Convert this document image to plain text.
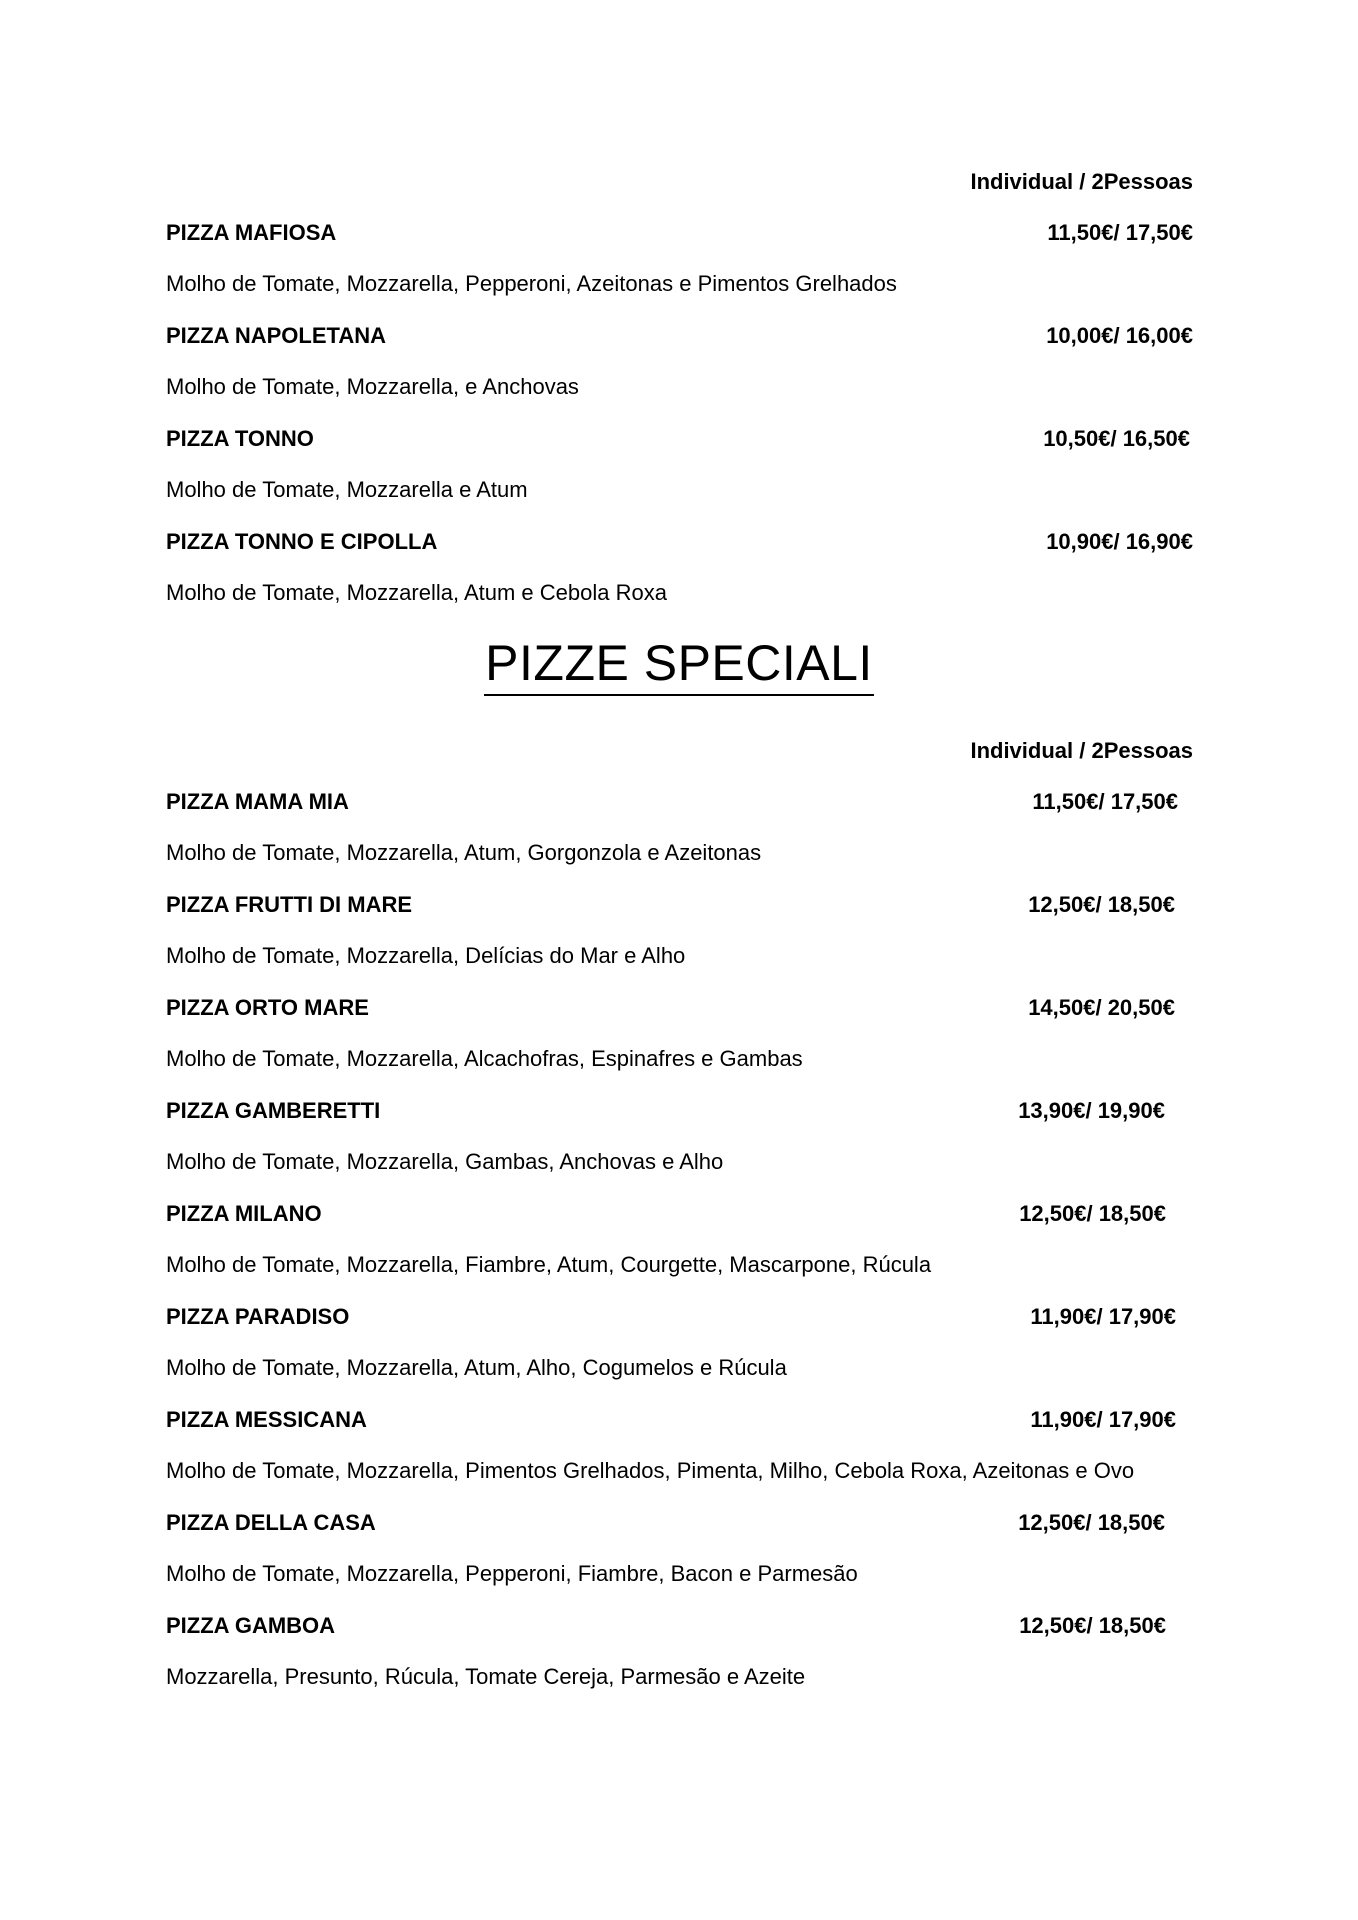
Individual / 2Pessoas
PIZZA MAFIOSA	11,50€/ 17,50€
Molho de Tomate, Mozzarella, Pepperoni, Azeitonas e Pimentos Grelhados
PIZZA NAPOLETANA	10,00€/ 16,00€
Molho de Tomate, Mozzarella, e Anchovas
PIZZA TONNO	10,50€/ 16,50€
Molho de Tomate, Mozzarella e Atum
PIZZA TONNO E CIPOLLA	10,90€/ 16,90€
Molho de Tomate, Mozzarella, Atum e Cebola Roxa
PIZZE SPECIALI
Individual / 2Pessoas
PIZZA MAMA MIA	11,50€/ 17,50€
Molho de Tomate, Mozzarella, Atum, Gorgonzola e Azeitonas
PIZZA FRUTTI DI MARE	12,50€/ 18,50€
Molho de Tomate, Mozzarella, Delícias do Mar e Alho
PIZZA ORTO MARE	14,50€/ 20,50€
Molho de Tomate, Mozzarella, Alcachofras, Espinafres e Gambas
PIZZA GAMBERETTI	13,90€/ 19,90€
Molho de Tomate, Mozzarella, Gambas, Anchovas e Alho
PIZZA MILANO	12,50€/ 18,50€
Molho de Tomate, Mozzarella, Fiambre, Atum, Courgette, Mascarpone, Rúcula
PIZZA PARADISO	11,90€/ 17,90€
Molho de Tomate, Mozzarella, Atum, Alho, Cogumelos e Rúcula
PIZZA MESSICANA	11,90€/ 17,90€
Molho de Tomate, Mozzarella, Pimentos Grelhados, Pimenta, Milho, Cebola Roxa, Azeitonas e Ovo
PIZZA DELLA CASA	12,50€/ 18,50€
Molho de Tomate, Mozzarella, Pepperoni, Fiambre, Bacon e Parmesão
PIZZA GAMBOA	12,50€/ 18,50€
Mozzarella, Presunto, Rúcula, Tomate Cereja, Parmesão e Azeite
